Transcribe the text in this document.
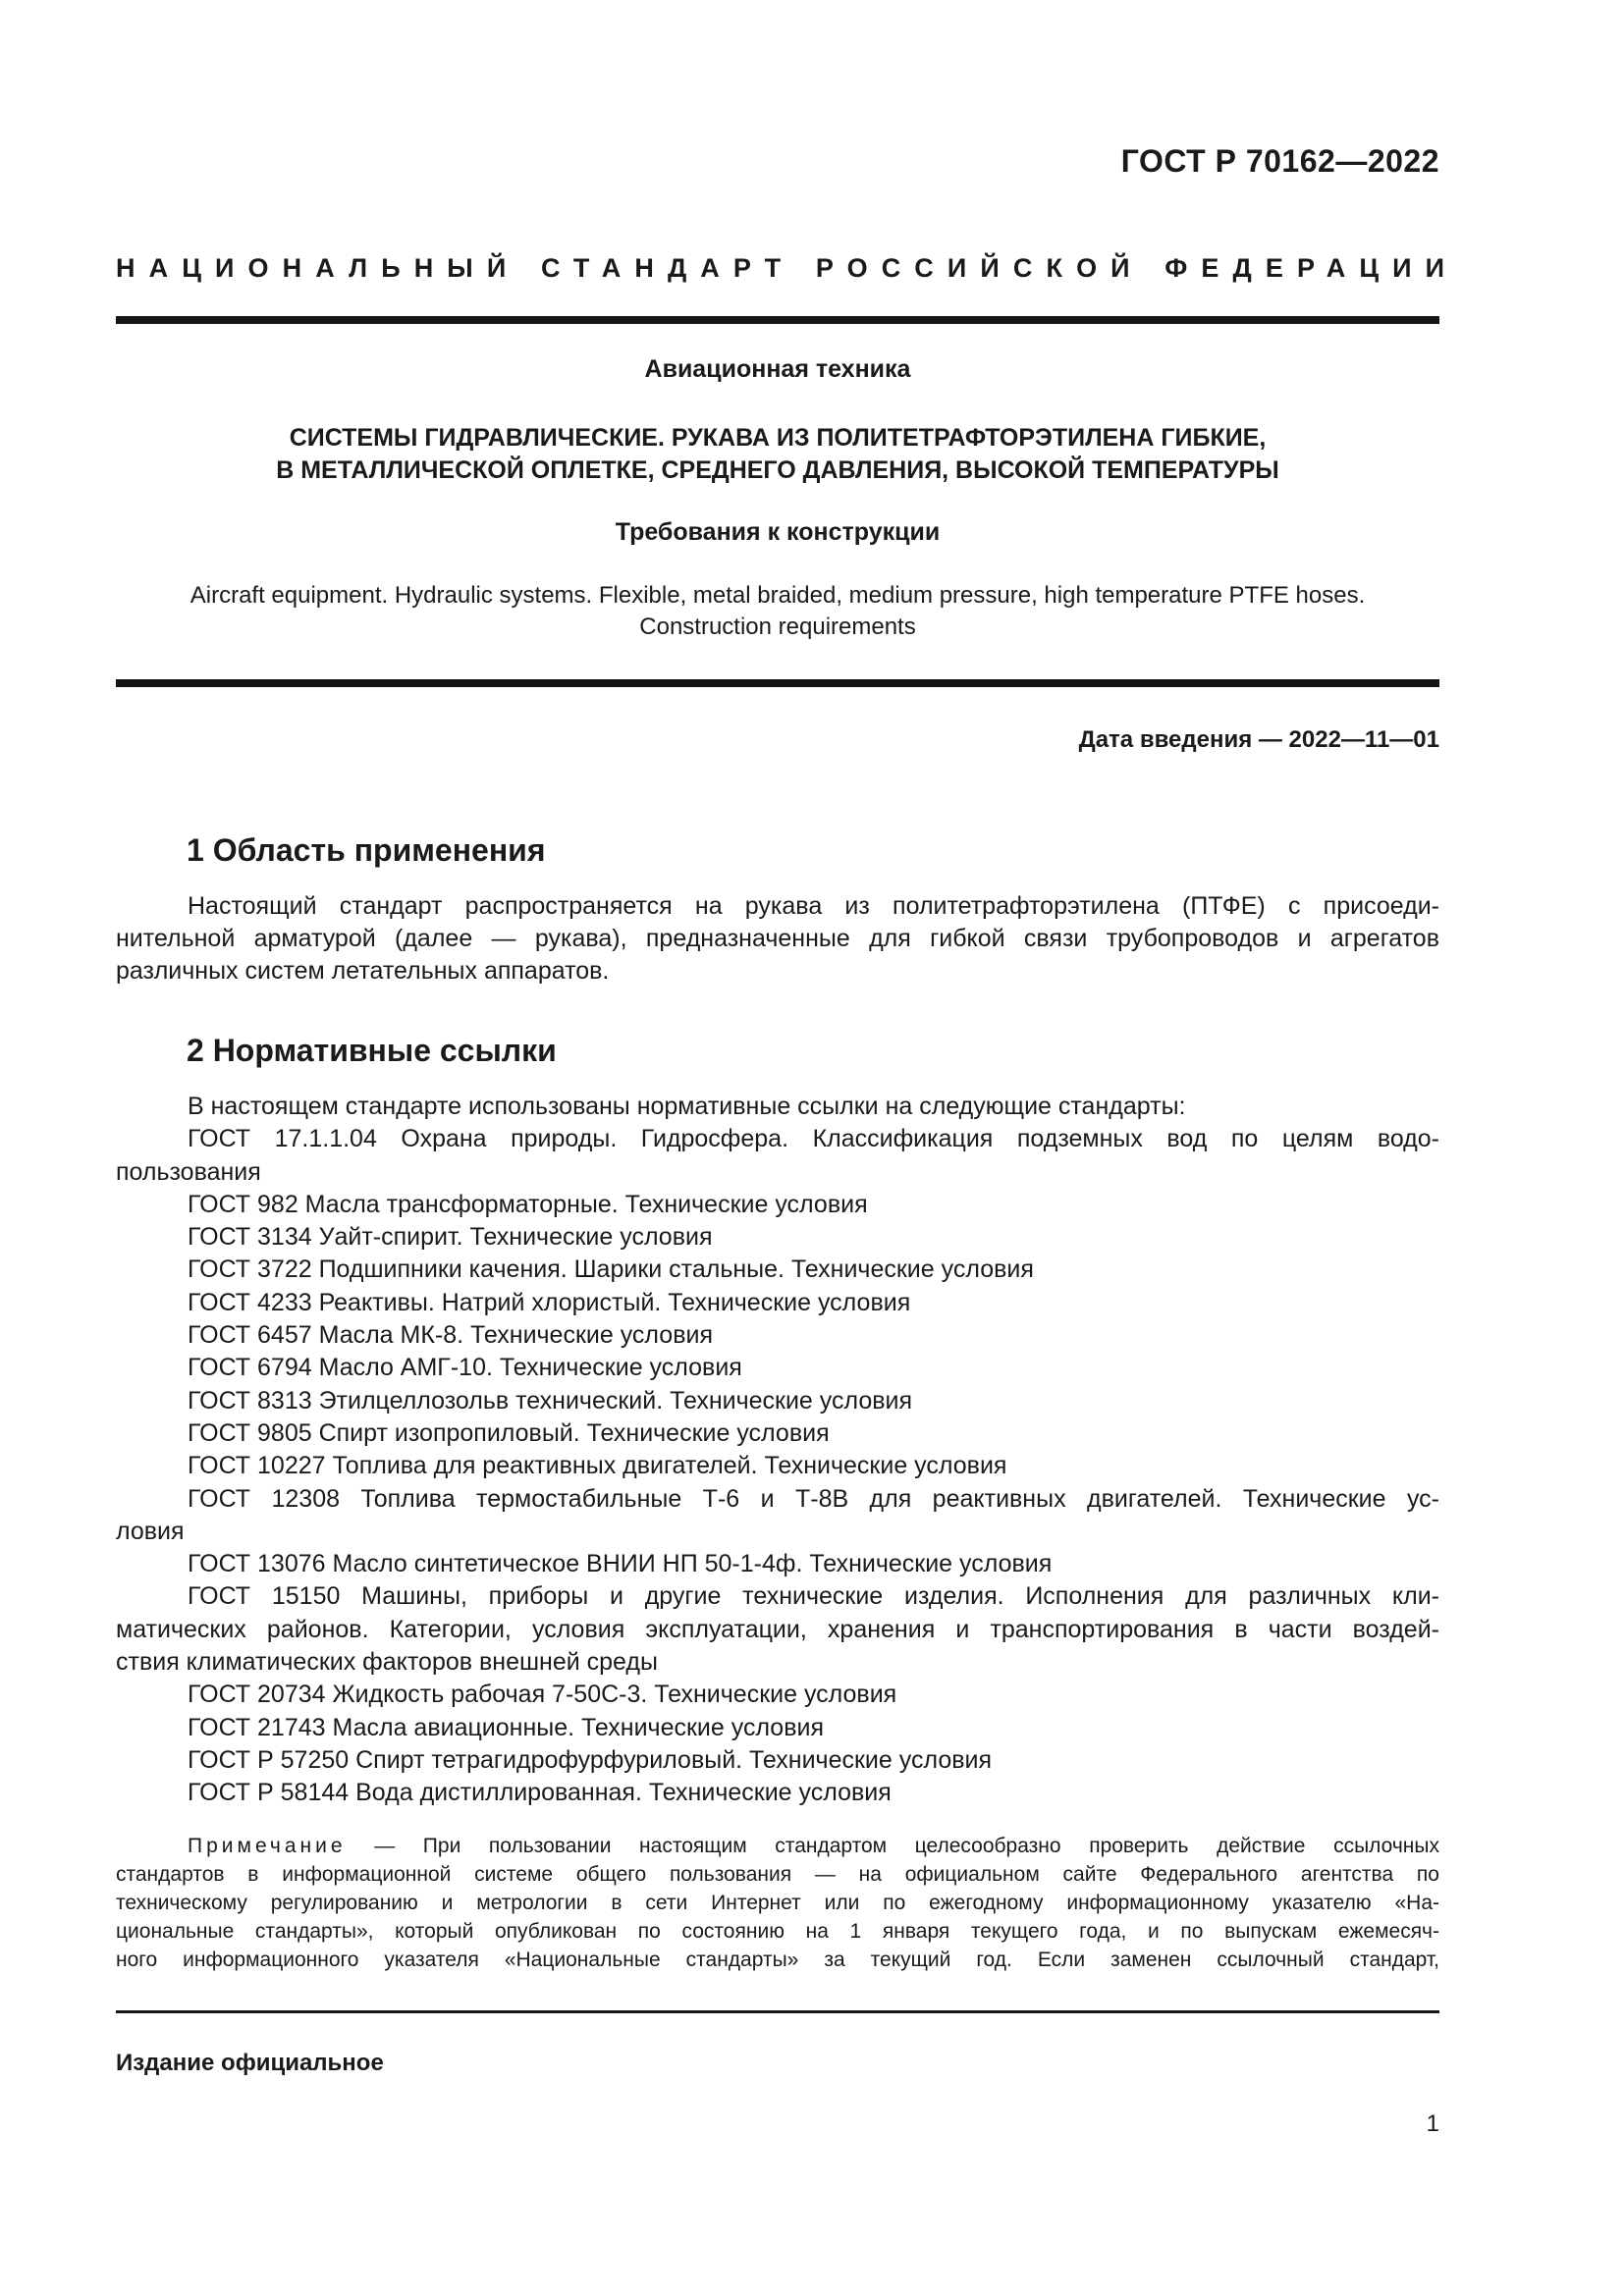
ГОСТ Р 70162—2022
НАЦИОНАЛЬНЫЙ СТАНДАРТ РОССИЙСКОЙ ФЕДЕРАЦИИ
Авиационная техника
СИСТЕМЫ ГИДРАВЛИЧЕСКИЕ. РУКАВА ИЗ ПОЛИТЕТРАФТОРЭТИЛЕНА ГИБКИЕ,
В МЕТАЛЛИЧЕСКОЙ ОПЛЕТКЕ, СРЕДНЕГО ДАВЛЕНИЯ, ВЫСОКОЙ ТЕМПЕРАТУРЫ
Требования к конструкции
Aircraft equipment. Hydraulic systems. Flexible, metal braided, medium pressure, high temperature PTFE hoses.
Construction requirements
Дата введения — 2022—11—01
1 Область применения
Настоящий стандарт распространяется на рукава из политетрафторэтилена (ПТФЕ) с присоеди-
нительной арматурой (далее — рукава), предназначенные для гибкой связи трубопроводов и агрегатов
различных систем летательных аппаратов.
2 Нормативные ссылки
В настоящем стандарте использованы нормативные ссылки на следующие стандарты:
ГОСТ 17.1.1.04 Охрана природы. Гидросфера. Классификация подземных вод по целям водо-
пользования
ГОСТ 982 Масла трансформаторные. Технические условия
ГОСТ 3134 Уайт-спирит. Технические условия
ГОСТ 3722 Подшипники качения. Шарики стальные. Технические условия
ГОСТ 4233 Реактивы. Натрий хлористый. Технические условия
ГОСТ 6457 Масла МК-8. Технические условия
ГОСТ 6794 Масло АМГ-10. Технические условия
ГОСТ 8313 Этилцеллозольв технический. Технические условия
ГОСТ 9805 Спирт изопропиловый. Технические условия
ГОСТ 10227 Топлива для реактивных двигателей. Технические условия
ГОСТ 12308 Топлива термостабильные Т-6 и Т-8В для реактивных двигателей. Технические ус-
ловия
ГОСТ 13076 Масло синтетическое ВНИИ НП 50-1-4ф. Технические условия
ГОСТ 15150 Машины, приборы и другие технические изделия. Исполнения для различных кли-
матических районов. Категории, условия эксплуатации, хранения и транспортирования в части воздей-
ствия климатических факторов внешней среды
ГОСТ 20734 Жидкость рабочая 7-50С-3. Технические условия
ГОСТ 21743 Масла авиационные. Технические условия
ГОСТ Р 57250 Спирт тетрагидрофурфуриловый. Технические условия
ГОСТ Р 58144 Вода дистиллированная. Технические условия
Примечание — При пользовании настоящим стандартом целесообразно проверить действие ссылочных
стандартов в информационной системе общего пользования — на официальном сайте Федерального агентства по
техническому регулированию и метрологии в сети Интернет или по ежегодному информационному указателю «На-
циональные стандарты», который опубликован по состоянию на 1 января текущего года, и по выпускам ежемесяч-
ного информационного указателя «Национальные стандарты» за текущий год. Если заменен ссылочный стандарт,
Издание официальное
1
